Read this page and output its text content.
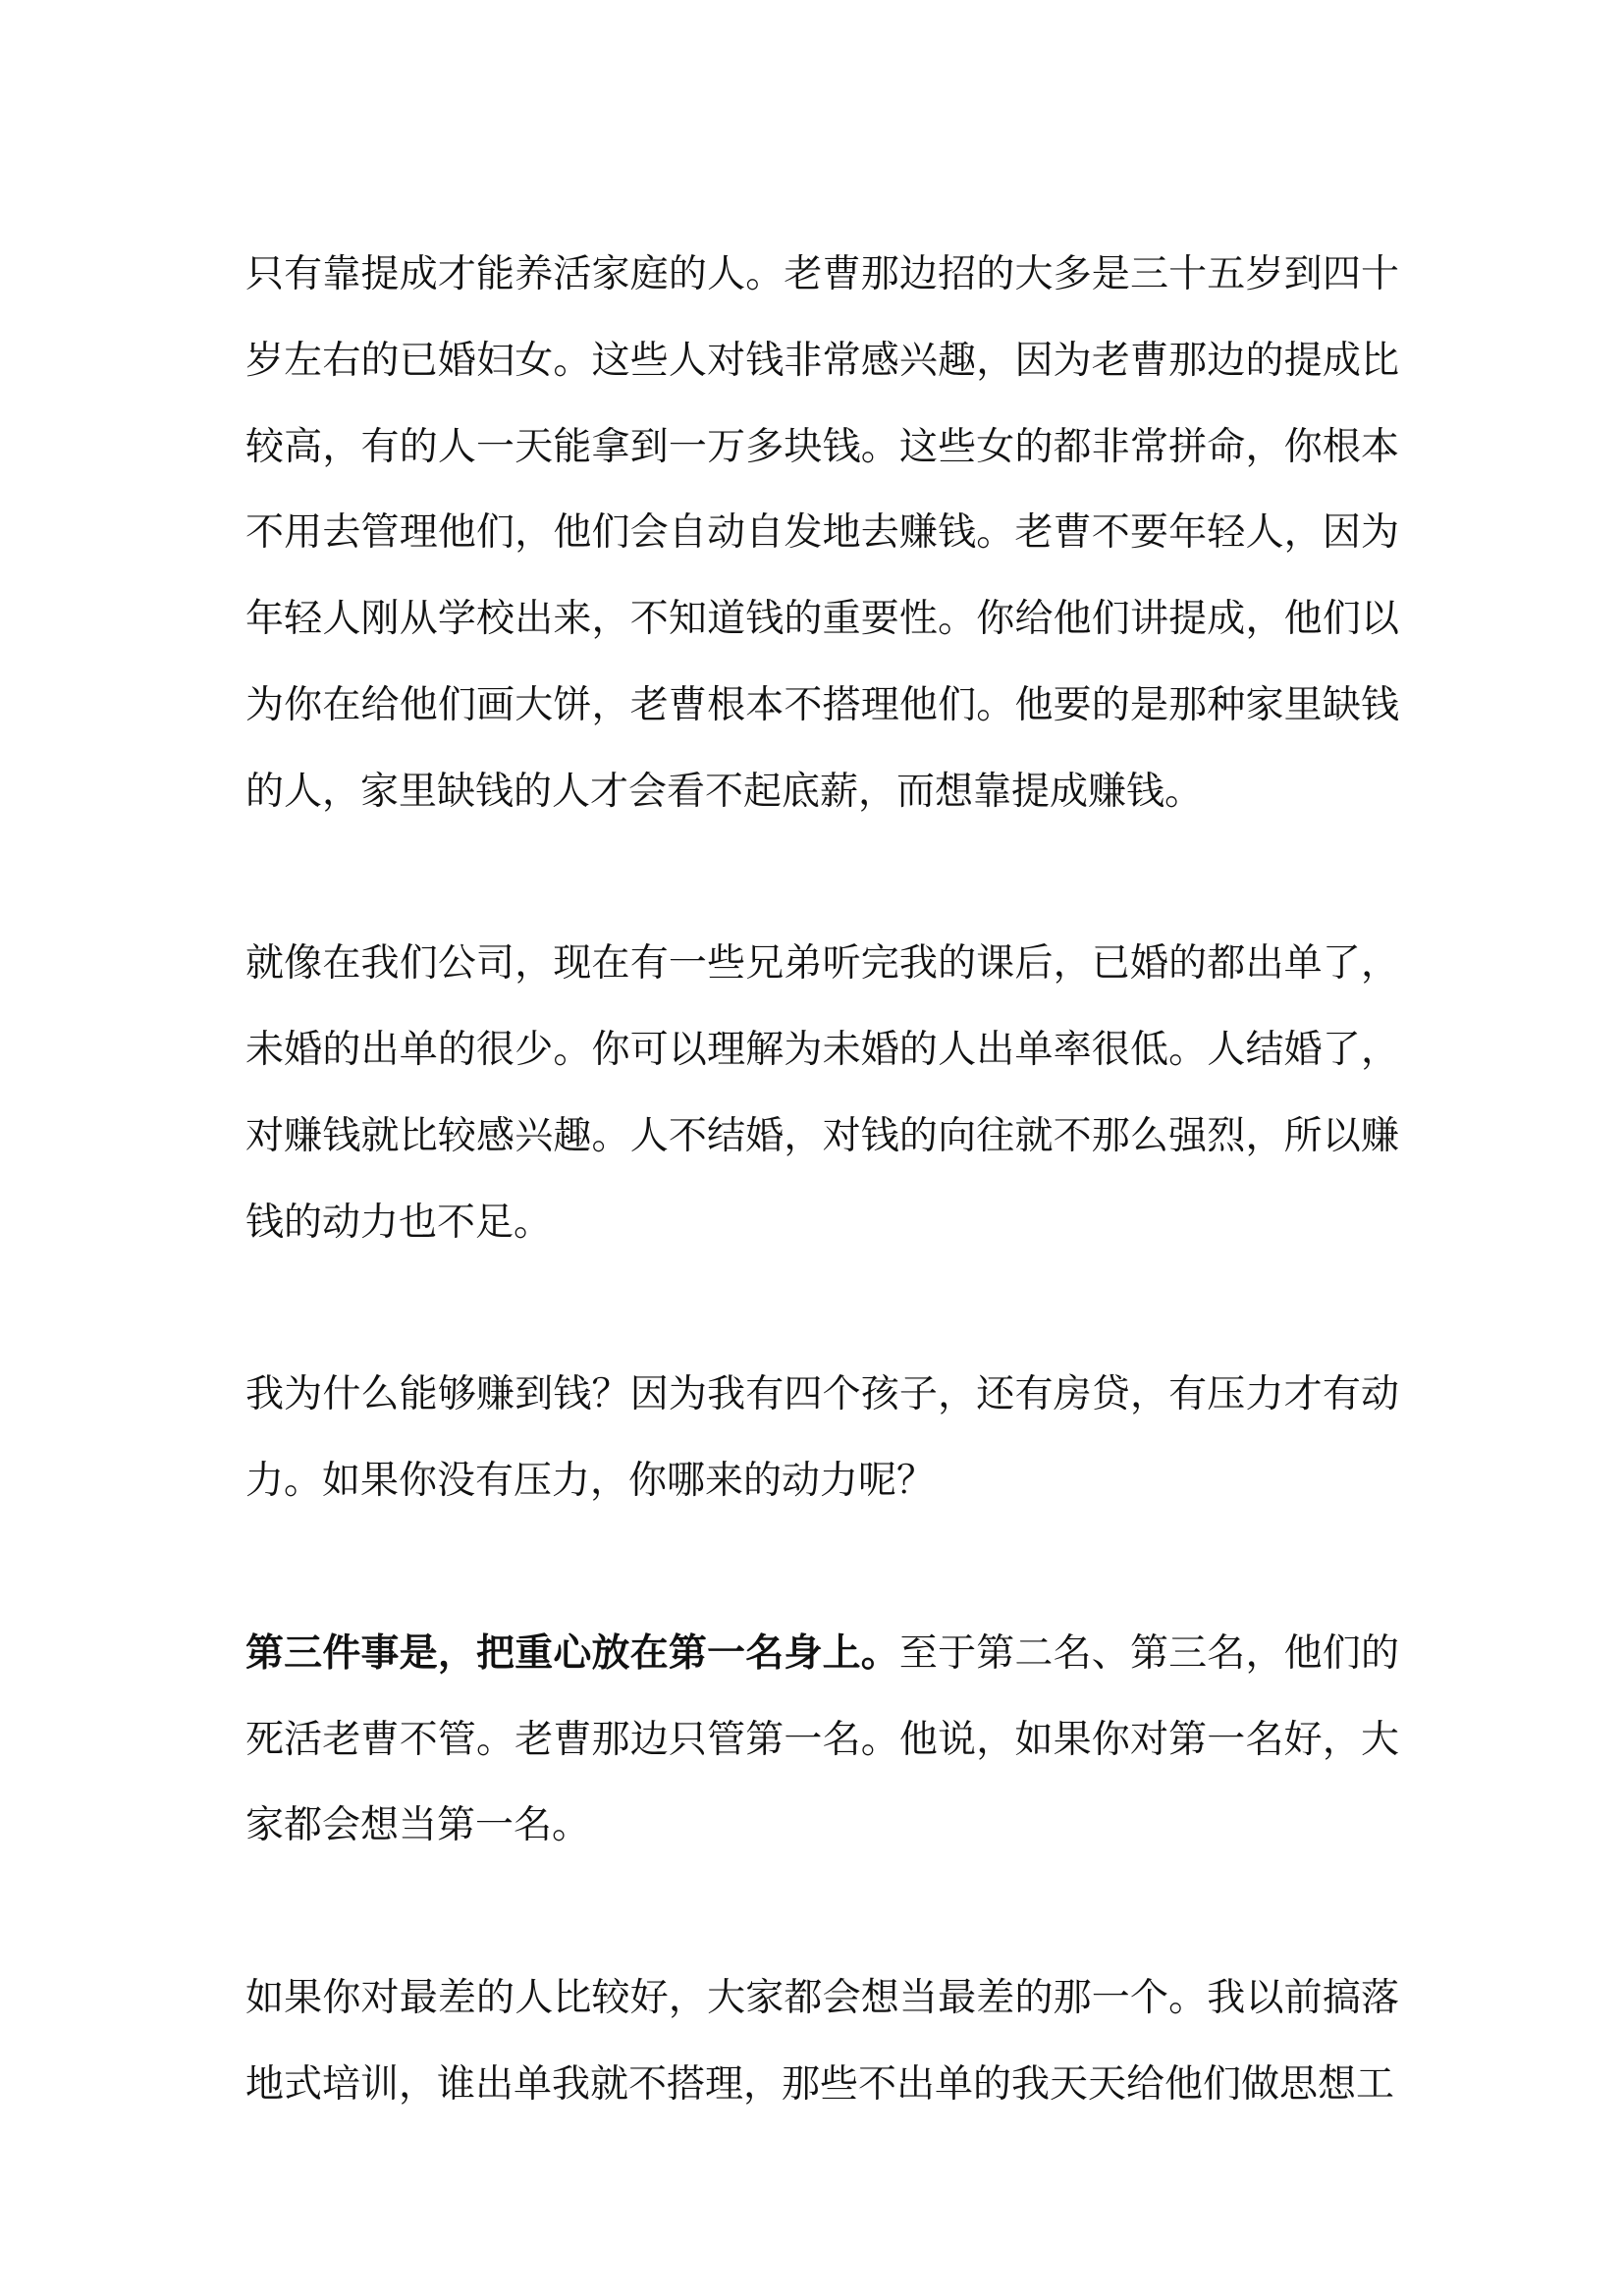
只有靠提成才能养活家庭的人。老曹那边招的大多是三十五岁到四十岁左右的已婚妇女。这些人对钱非常感兴趣，因为老曹那边的提成比较高，有的人一天能拿到一万多块钱。这些女的都非常拼命，你根本不用去管理他们，他们会自动自发地去赚钱。老曹不要年轻人，因为年轻人刚从学校出来，不知道钱的重要性。你给他们讲提成，他们以为你在给他们画大饼，老曹根本不搭理他们。他要的是那种家里缺钱的人，家里缺钱的人才会看不起底薪，而想靠提成赚钱。

就像在我们公司，现在有一些兄弟听完我的课后，已婚的都出单了，未婚的出单的很少。你可以理解为未婚的人出单率很低。人结婚了，对赚钱就比较感兴趣。人不结婚，对钱的向往就不那么强烈，所以赚钱的动力也不足。

我为什么能够赚到钱？因为我有四个孩子，还有房贷，有压力才有动力。如果你没有压力，你哪来的动力呢？

第三件事是，把重心放在第一名身上。至于第二名、第三名，他们的死活老曹不管。老曹那边只管第一名。他说，如果你对第一名好，大家都会想当第一名。

如果你对最差的人比较好，大家都会想当最差的那一个。我以前搞落地式培训，谁出单我就不搭理，那些不出单的我天天给他们做思想工
